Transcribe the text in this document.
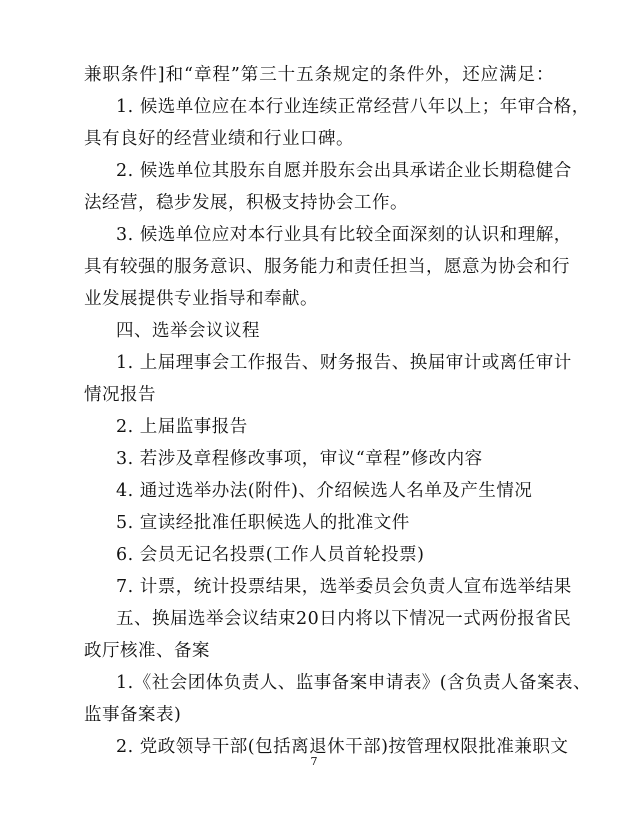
兼职条件]和“章程”第三十五条规定的条件外，还应满足：
1. 候选单位应在本行业连续正常经营八年以上；年审合格，
具有良好的经营业绩和行业口碑。
2. 候选单位其股东自愿并股东会出具承诺企业长期稳健合
法经营，稳步发展，积极支持协会工作。
3. 候选单位应对本行业具有比较全面深刻的认识和理解，
具有较强的服务意识、服务能力和责任担当，愿意为协会和行
业发展提供专业指导和奉献。
四、选举会议议程
1. 上届理事会工作报告、财务报告、换届审计或离任审计
情况报告
2. 上届监事报告
3. 若涉及章程修改事项，审议“章程”修改内容
4. 通过选举办法(附件)、介绍候选人名单及产生情况
5. 宣读经批准任职候选人的批准文件
6. 会员无记名投票(工作人员首轮投票)
7. 计票，统计投票结果，选举委员会负责人宣布选举结果
五、换届选举会议结束20日内将以下情况一式两份报省民
政厅核准、备案
1.《社会团体负责人、监事备案申请表》(含负责人备案表、
监事备案表)
2. 党政领导干部(包括离退休干部)按管理权限批准兼职文
7
